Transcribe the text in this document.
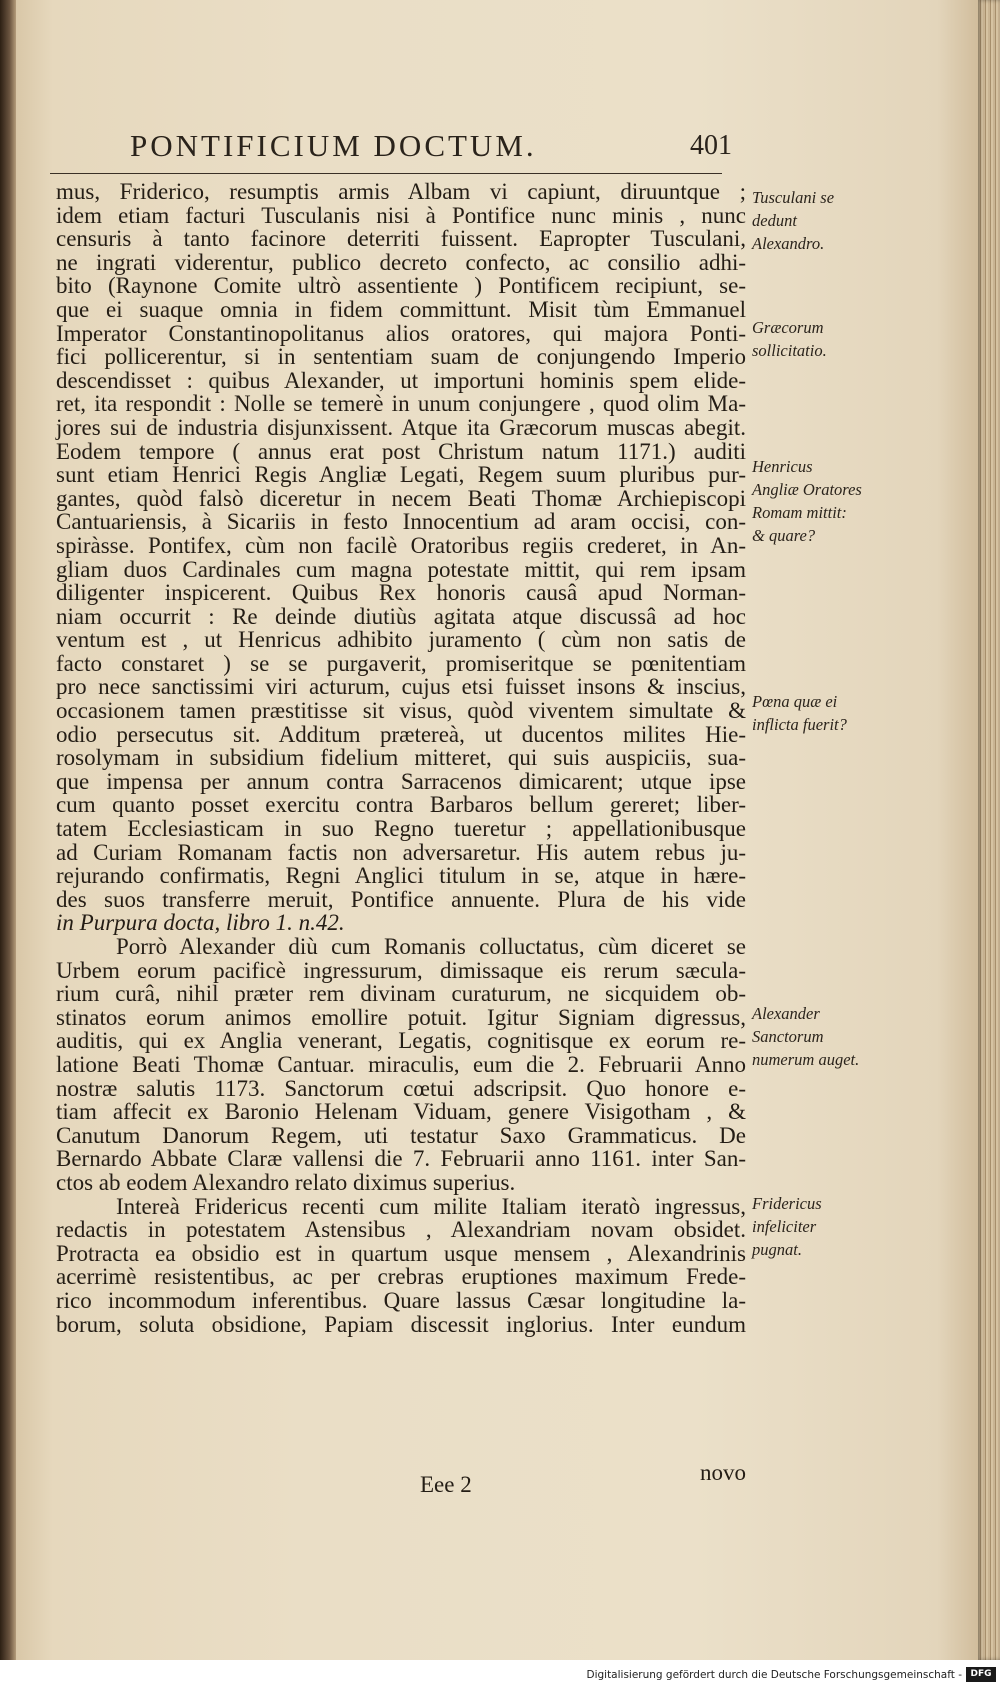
PONTIFICIUM DOCTUM.	401
mus, Friderico, resumptis armis Albam vi capiunt, diruuntque ;
idem etiam facturi Tusculanis nisi à Pontifice nunc minis , nunc
censuris à tanto facinore deterriti fuissent. Eapropter Tusculani,
ne ingrati viderentur, publico decreto confecto, ac consilio adhi-
bito (Raynone Comite ultrò assentiente ) Pontificem recipiunt, se-
que ei suaque omnia in fidem committunt. Misit tùm Emmanuel
Imperator Constantinopolitanus alios oratores, qui majora Ponti-
fici pollicerentur, si in sententiam suam de conjungendo Imperio
descendisset : quibus Alexander, ut importuni hominis spem elide-
ret, ita respondit : Nolle se temerè in unum conjungere , quod olim Ma-
jores sui de industria disjunxissent. Atque ita Græcorum muscas abegit.
Eodem tempore ( annus erat post Christum natum 1171.) auditi
sunt etiam Henrici Regis Angliæ Legati, Regem suum pluribus pur-
gantes, quòd falsò diceretur in necem Beati Thomæ Archiepiscopi
Cantuariensis, à Sicariis in festo Innocentium ad aram occisi, con-
spiràsse. Pontifex, cùm non facilè Oratoribus regiis crederet, in An-
gliam duos Cardinales cum magna potestate mittit, qui rem ipsam
diligenter inspicerent. Quibus Rex honoris causâ apud Norman-
niam occurrit : Re deinde diutiùs agitata atque discussâ ad hoc
ventum est , ut Henricus adhibito juramento ( cùm non satis de
facto constaret ) se se purgaverit, promiseritque se pœnitentiam
pro nece sanctissimi viri acturum, cujus etsi fuisset insons & inscius,
occasionem tamen præstitisse sit visus, quòd viventem simultate &
odio persecutus sit. Additum prætereà, ut ducentos milites Hie-
rosolymam in subsidium fidelium mitteret, qui suis auspiciis, sua-
que impensa per annum contra Sarracenos dimicarent; utque ipse
cum quanto posset exercitu contra Barbaros bellum gereret; liber-
tatem Ecclesiasticam in suo Regno tueretur ; appellationibusque
ad Curiam Romanam factis non adversaretur. His autem rebus ju-
rejurando confirmatis, Regni Anglici titulum in se, atque in hære-
des suos transferre meruit, Pontifice annuente. Plura de his vide
in Purpura docta, libro 1. n.42.
Porrò Alexander diù cum Romanis colluctatus, cùm diceret se
Urbem eorum pacificè ingressurum, dimissaque eis rerum sæcula-
rium curâ, nihil præter rem divinam curaturum, ne sicquidem ob-
stinatos eorum animos emollire potuit. Igitur Signiam digressus,
auditis, qui ex Anglia venerant, Legatis, cognitisque ex eorum re-
latione Beati Thomæ Cantuar. miraculis, eum die 2. Februarii Anno
nostræ salutis 1173. Sanctorum cœtui adscripsit. Quo honore e-
tiam affecit ex Baronio Helenam Viduam, genere Visigotham , &
Canutum Danorum Regem, uti testatur Saxo Grammaticus. De
Bernardo Abbate Claræ vallensi die 7. Februarii anno 1161. inter San-
ctos ab eodem Alexandro relato diximus superius.
Intereà Fridericus recenti cum milite Italiam iteratò ingressus,
redactis in potestatem Astensibus , Alexandriam novam obsidet.
Protracta ea obsidio est in quartum usque mensem , Alexandrinis
acerrimè resistentibus, ac per crebras eruptiones maximum Frede-
rico incommodum inferentibus. Quare lassus Cæsar longitudine la-
borum, soluta obsidione, Papiam discessit inglorius. Inter eundum
Tusculani se dedunt Alexandro.
Græcorum sollicitatio.
Henricus Angliæ Oratores Romam mittit: & quare?
Pœna quæ ei inflicta fuerit?
Alexander Sanctorum numerum auget.
Fridericus infeliciter pugnat.
Eee 2	novo
Digitalisierung gefördert durch die Deutsche Forschungsgemeinschaft - DFG
